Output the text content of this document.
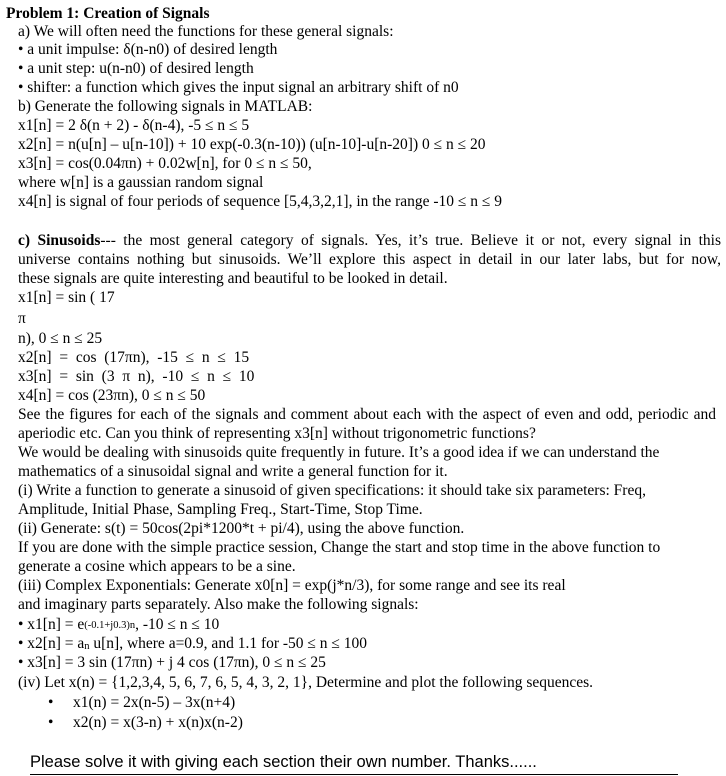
Problem 1: Creation of Signals
a) We will often need the functions for these general signals:
• a unit impulse: δ(n-n0) of desired length
• a unit step: u(n-n0) of desired length
• shifter: a function which gives the input signal an arbitrary shift of n0
b) Generate the following signals in MATLAB:
x1[n] = 2 δ(n + 2) - δ(n-4), -5 ≤ n ≤ 5
x2[n] = n(u[n] – u[n-10]) + 10 exp(-0.3(n-10)) (u[n-10]-u[n-20]) 0 ≤ n ≤ 20
x3[n] = cos(0.04πn) + 0.02w[n], for 0 ≤ n ≤ 50,
where w[n] is a gaussian random signal
x4[n] is signal of four periods of sequence [5,4,3,2,1], in the range -10 ≤ n ≤ 9
c) Sinusoids--- the most general category of signals. Yes, it’s true. Believe it or not, every signal in this
universe contains nothing but sinusoids. We’ll explore this aspect in detail in our later labs, but for now,
these signals are quite interesting and beautiful to be looked in detail.
x1[n] = sin ( 17
π
n), 0 ≤ n ≤ 25
x2[n]  =  cos  (17πn),  -15  ≤  n  ≤  15
x3[n]  =  sin  (3  π  n),  -10  ≤  n  ≤  10
x4[n] = cos (23πn), 0 ≤ n ≤ 50
See the figures for each of the signals and comment about each with the aspect of even and odd, periodic and
aperiodic etc. Can you think of representing x3[n] without trigonometric functions?
We would be dealing with sinusoids quite frequently in future. It’s a good idea if we can understand the
mathematics of a sinusoidal signal and write a general function for it.
(i) Write a function to generate a sinusoid of given specifications: it should take six parameters: Freq,
Amplitude, Initial Phase, Sampling Freq., Start-Time, Stop Time.
(ii) Generate: s(t) = 50cos(2pi*1200*t + pi/4), using the above function.
If you are done with the simple practice session, Change the start and stop time in the above function to
generate a cosine which appears to be a sine.
(iii) Complex Exponentials: Generate x0[n] = exp(j*n/3), for some range and see its real
and imaginary parts separately. Also make the following signals:
• x1[n] = e(-0.1+j0.3)n, -10 ≤ n ≤ 10
• x2[n] = an u[n], where a=0.9, and 1.1 for -50 ≤ n ≤ 100
• x3[n] = 3 sin (17πn) + j 4 cos (17πn), 0 ≤ n ≤ 25
(iv) Let x(n) = {1,2,3,4, 5, 6, 7, 6, 5, 4, 3, 2, 1}, Determine and plot the following sequences.
• x1(n) = 2x(n-5) – 3x(n+4)
• x2(n) = x(3-n) + x(n)x(n-2)
Please solve it with giving each section their own number. Thanks......
